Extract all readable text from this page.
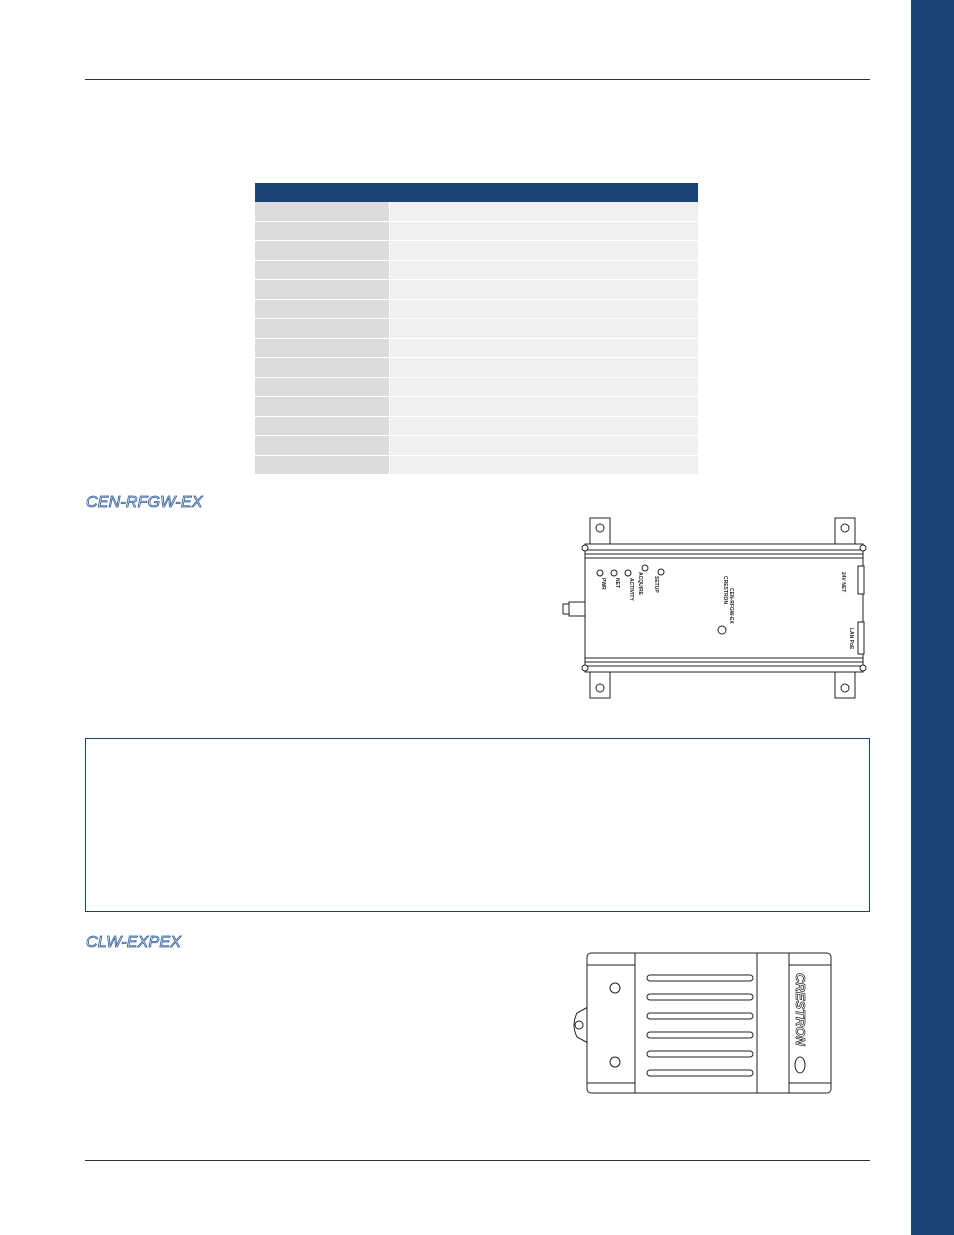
CEN-RFGW-EX
PWR NET ACTIVITY ACQUIRE SETUP	CRESTRON CEN-RFGW-EX
24V NET
LAN PoE
CLW-EXPEX
CRESTRON
